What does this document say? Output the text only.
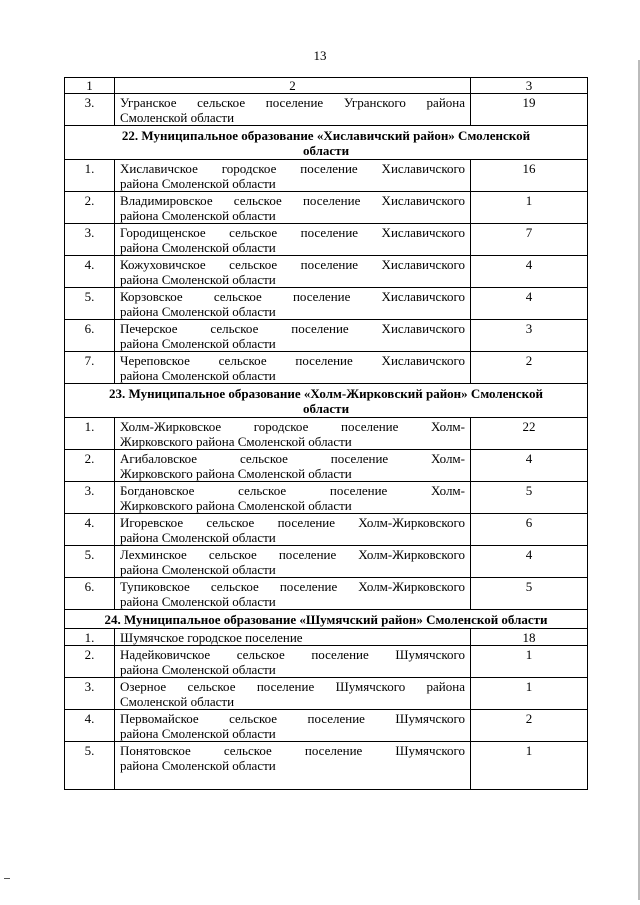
13
1	2	3
3.	Угранское сельское поселение Угранского района
Смоленской области	19

22. Муниципальное образование «Хиславичский район» Смоленской
области		

1.	Хиславичское городское поселение Хиславичского
района Смоленской области	16
2.	Владимировское сельское поселение Хиславичского
района Смоленской области	1
3.	Городищенское сельское поселение Хиславичского
района Смоленской области	7
4.	Кожуховичское сельское поселение Хиславичского
района Смоленской области	4
5.	Корзовское сельское поселение Хиславичского
района Смоленской области	4
6.	Печерское сельское поселение Хиславичского
района Смоленской области	3
7.	Череповское сельское поселение Хиславичского
района Смоленской области	2

23. Муниципальное образование «Холм-Жирковский район» Смоленской
области		

1.	Холм-Жирковское городское поселение Холм-
Жирковского района Смоленской области	22
2.	Агибаловское сельское поселение Холм-
Жирковского района Смоленской области	4
3.	Богдановское сельское поселение Холм-
Жирковского района Смоленской области	5
4.	Игоревское сельское поселение Холм-Жирковского
района Смоленской области	6
5.	Лехминское сельское поселение Холм-Жирковского
района Смоленской области	4
6.	Тупиковское сельское поселение Холм-Жирковского
района Смоленской области	5

24. Муниципальное образование «Шумячский район» Смоленской области		

1.	Шумячское городское поселение	18
2.	Надейковичское сельское поселение Шумячского
района Смоленской области	1
3.	Озерное сельское поселение Шумячского района
Смоленской области	1
4.	Первомайское сельское поселение Шумячского
района Смоленской области	2
5.	Понятовское сельское поселение Шумячского
района Смоленской области	1
